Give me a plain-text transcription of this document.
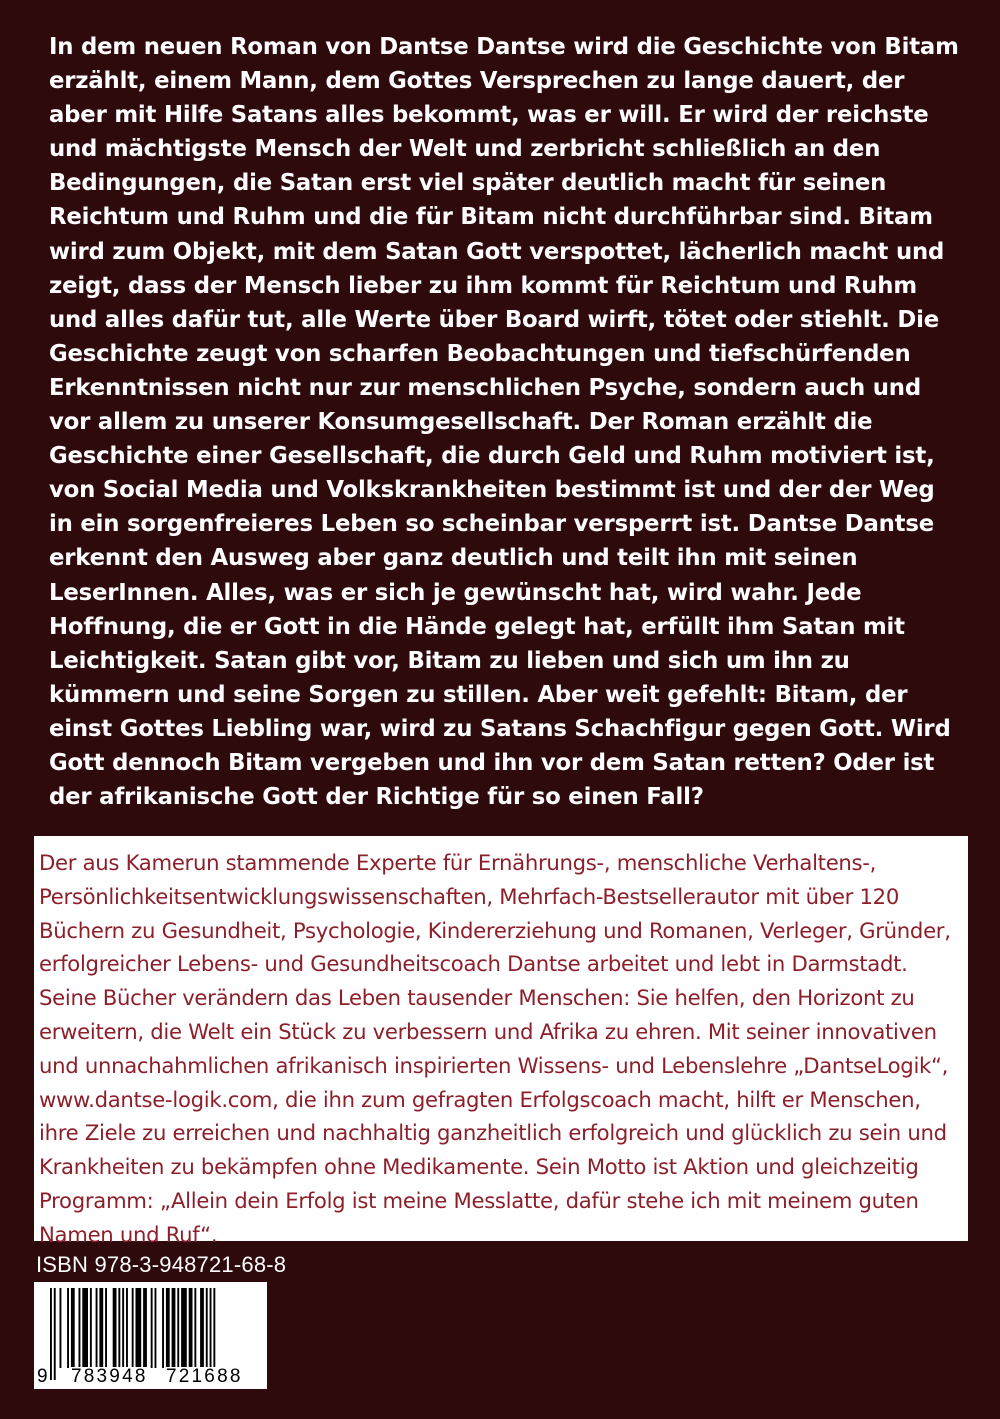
In dem neuen Roman von Dantse Dantse wird die Geschichte von Bitam erzählt, einem Mann, dem Gottes Versprechen zu lange dauert, der aber mit Hilfe Satans alles bekommt, was er will. Er wird der reichste und mächtigste Mensch der Welt und zerbricht schließlich an den Bedingungen, die Satan erst viel später deutlich macht für seinen Reichtum und Ruhm und die für Bitam nicht durchführbar sind. Bitam wird zum Objekt, mit dem Satan Gott verspottet, lächerlich macht und zeigt, dass der Mensch lieber zu ihm kommt für Reichtum und Ruhm und alles dafür tut, alle Werte über Board wirft, tötet oder stiehlt. Die Geschichte zeugt von scharfen Beobachtungen und tiefschürfenden Erkenntnissen nicht nur zur menschlichen Psyche, sondern auch und vor allem zu unserer Konsumgesellschaft. Der Roman erzählt die Geschichte einer Gesellschaft, die durch Geld und Ruhm motiviert ist, von Social Media und Volkskrankheiten bestimmt ist und der der Weg in ein sorgenfreieres Leben so scheinbar versperrt ist. Dantse Dantse erkennt den Ausweg aber ganz deutlich und teilt ihn mit seinen LeserInnen. Alles, was er sich je gewünscht hat, wird wahr. Jede Hoffnung, die er Gott in die Hände gelegt hat, erfüllt ihm Satan mit Leichtigkeit. Satan gibt vor, Bitam zu lieben und sich um ihn zu kümmern und seine Sorgen zu stillen. Aber weit gefehlt: Bitam, der einst Gottes Liebling war, wird zu Satans Schachfigur gegen Gott. Wird Gott dennoch Bitam vergeben und ihn vor dem Satan retten? Oder ist der afrikanische Gott der Richtige für so einen Fall?

Der aus Kamerun stammende Experte für Ernährungs-, menschliche Verhaltens-, Persönlichkeitsentwicklungswissenschaften, Mehrfach-Bestsellerautor mit über 120 Büchern zu Gesundheit, Psychologie, Kindererziehung und Romanen, Verleger, Gründer, erfolgreicher Lebens- und Gesundheitscoach Dantse arbeitet und lebt in Darmstadt. Seine Bücher verändern das Leben tausender Menschen: Sie helfen, den Horizont zu erweitern, die Welt ein Stück zu verbessern und Afrika zu ehren. Mit seiner innovativen und unnachahmlichen afrikanisch inspirierten Wissens- und Lebenslehre „DantseLogik“, www.dantse-logik.com, die ihn zum gefragten Erfolgscoach macht, hilft er Menschen, ihre Ziele zu erreichen und nachhaltig ganzheitlich erfolgreich und glücklich zu sein und Krankheiten zu bekämpfen ohne Medikamente. Sein Motto ist Aktion und gleichzeitig Programm: „Allein dein Erfolg ist meine Messlatte, dafür stehe ich mit meinem guten Namen und Ruf“.

ISBN 978-3-948721-68-8
9 783948 721688
